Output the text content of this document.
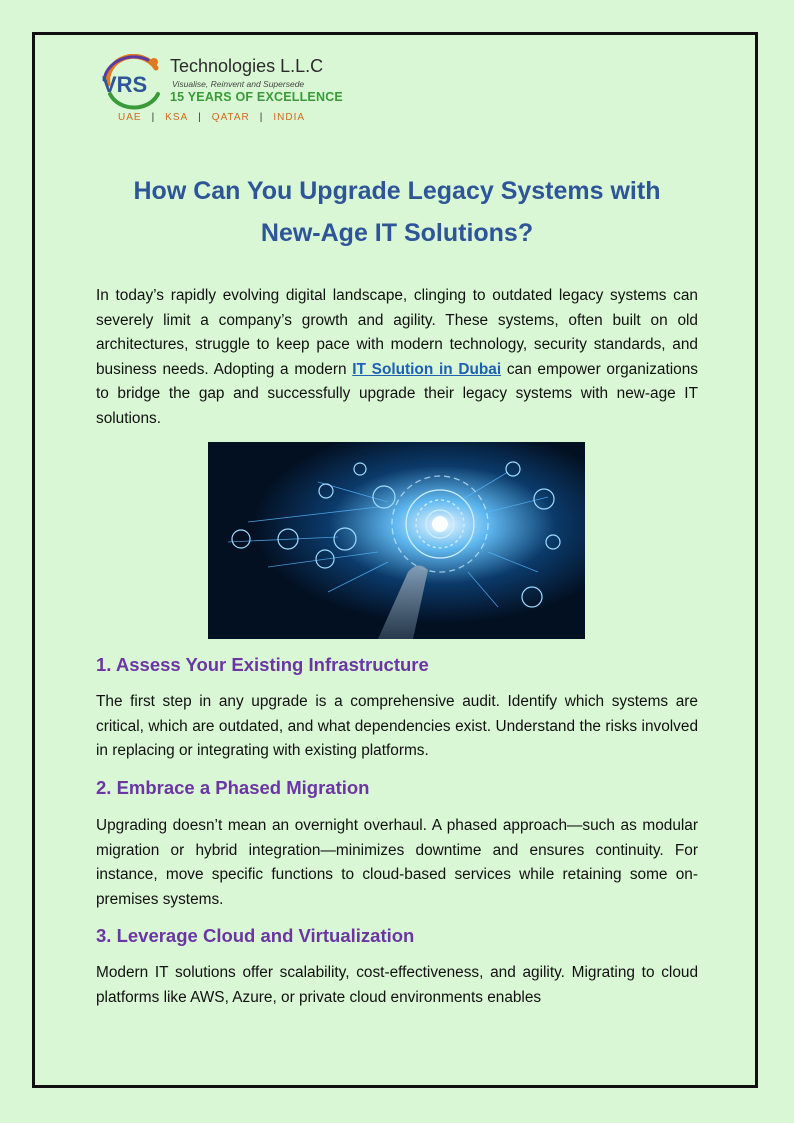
VRS
Technologies L.L.C
Visualise, Reinvent and Supersede
15 YEARS OF EXCELLENCE
UAE	|	KSA	|	QATAR	|	INDIA
How Can You Upgrade Legacy Systems with
New-Age IT Solutions?
In today’s rapidly evolving digital landscape, clinging to outdated legacy systems can severely limit a company’s growth and agility. These systems, often built on old architectures, struggle to keep pace with modern technology, security standards, and business needs. Adopting a modern IT Solution in Dubai can empower organizations to bridge the gap and successfully upgrade their legacy systems with new-age IT solutions.
1. Assess Your Existing Infrastructure
The first step in any upgrade is a comprehensive audit. Identify which systems are critical, which are outdated, and what dependencies exist. Understand the risks involved in replacing or integrating with existing platforms.
2. Embrace a Phased Migration
Upgrading doesn’t mean an overnight overhaul. A phased approach—such as modular migration or hybrid integration—minimizes downtime and ensures continuity. For instance, move specific functions to cloud-based services while retaining some on-premises systems.
3. Leverage Cloud and Virtualization
Modern IT solutions offer scalability, cost-effectiveness, and agility. Migrating to cloud platforms like AWS, Azure, or private cloud environments enables
